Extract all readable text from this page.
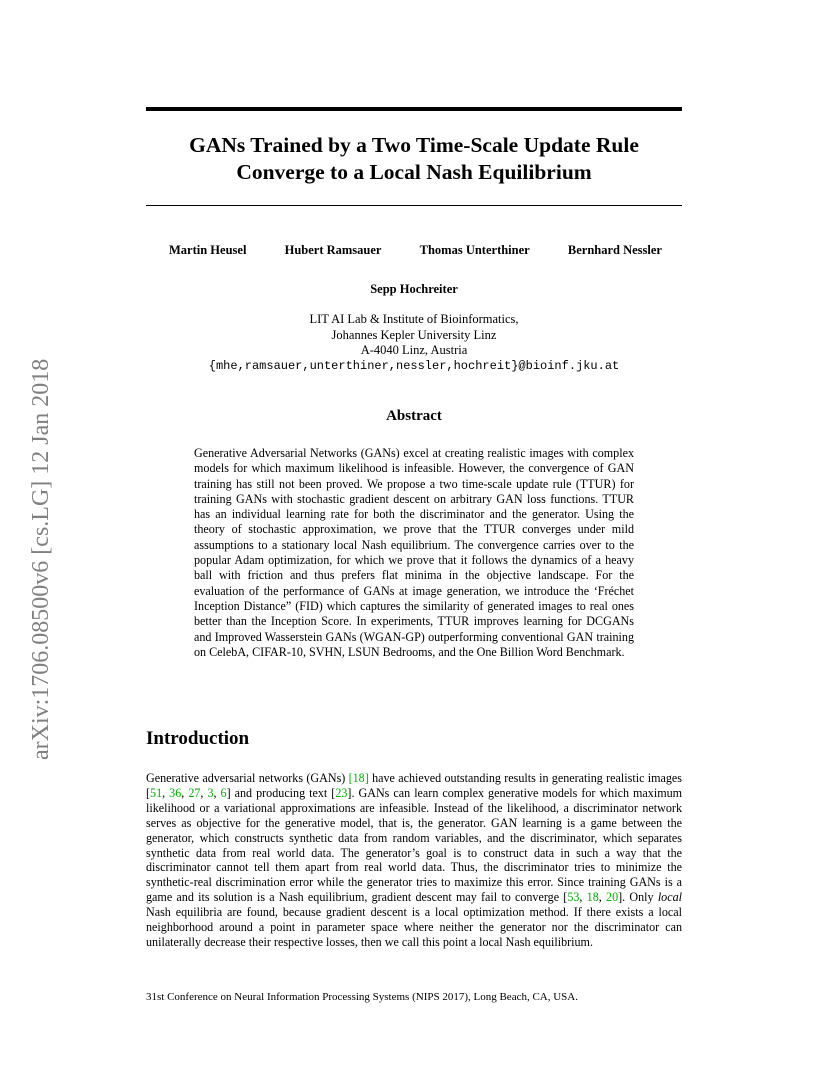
arXiv:1706.08500v6 [cs.LG] 12 Jan 2018
GANs Trained by a Two Time-Scale Update Rule
Converge to a Local Nash Equilibrium
Martin Heusel	Hubert Ramsauer	Thomas Unterthiner	Bernhard Nessler
Sepp Hochreiter
LIT AI Lab & Institute of Bioinformatics,
Johannes Kepler University Linz
A-4040 Linz, Austria
{mhe,ramsauer,unterthiner,nessler,hochreit}@bioinf.jku.at
Abstract

Generative Adversarial Networks (GANs) excel at creating realistic images with complex models for which maximum likelihood is infeasible. However, the convergence of GAN training has still not been proved. We propose a two time-scale update rule (TTUR) for training GANs with stochastic gradient descent on arbitrary GAN loss functions. TTUR has an individual learning rate for both the discriminator and the generator. Using the theory of stochastic approximation, we prove that the TTUR converges under mild assumptions to a stationary local Nash equilibrium. The convergence carries over to the popular Adam optimization, for which we prove that it follows the dynamics of a heavy ball with friction and thus prefers flat minima in the objective landscape. For the evaluation of the performance of GANs at image generation, we introduce the ‘Fréchet Inception Distance” (FID) which captures the similarity of generated images to real ones better than the Inception Score. In experiments, TTUR improves learning for DCGANs and Improved Wasserstein GANs (WGAN-GP) outperforming conventional GAN training on CelebA, CIFAR-10, SVHN, LSUN Bedrooms, and the One Billion Word Benchmark.

Introduction

Generative adversarial networks (GANs) [18] have achieved outstanding results in generating realistic images [51, 36, 27, 3, 6] and producing text [23]. GANs can learn complex generative models for which maximum likelihood or a variational approximations are infeasible. Instead of the likelihood, a discriminator network serves as objective for the generative model, that is, the generator. GAN learning is a game between the generator, which constructs synthetic data from random variables, and the discriminator, which separates synthetic data from real world data. The generator’s goal is to construct data in such a way that the discriminator cannot tell them apart from real world data. Thus, the discriminator tries to minimize the synthetic-real discrimination error while the generator tries to maximize this error. Since training GANs is a game and its solution is a Nash equilibrium, gradient descent may fail to converge [53, 18, 20]. Only local Nash equilibria are found, because gradient descent is a local optimization method. If there exists a local neighborhood around a point in parameter space where neither the generator nor the discriminator can unilaterally decrease their respective losses, then we call this point a local Nash equilibrium.

31st Conference on Neural Information Processing Systems (NIPS 2017), Long Beach, CA, USA.
